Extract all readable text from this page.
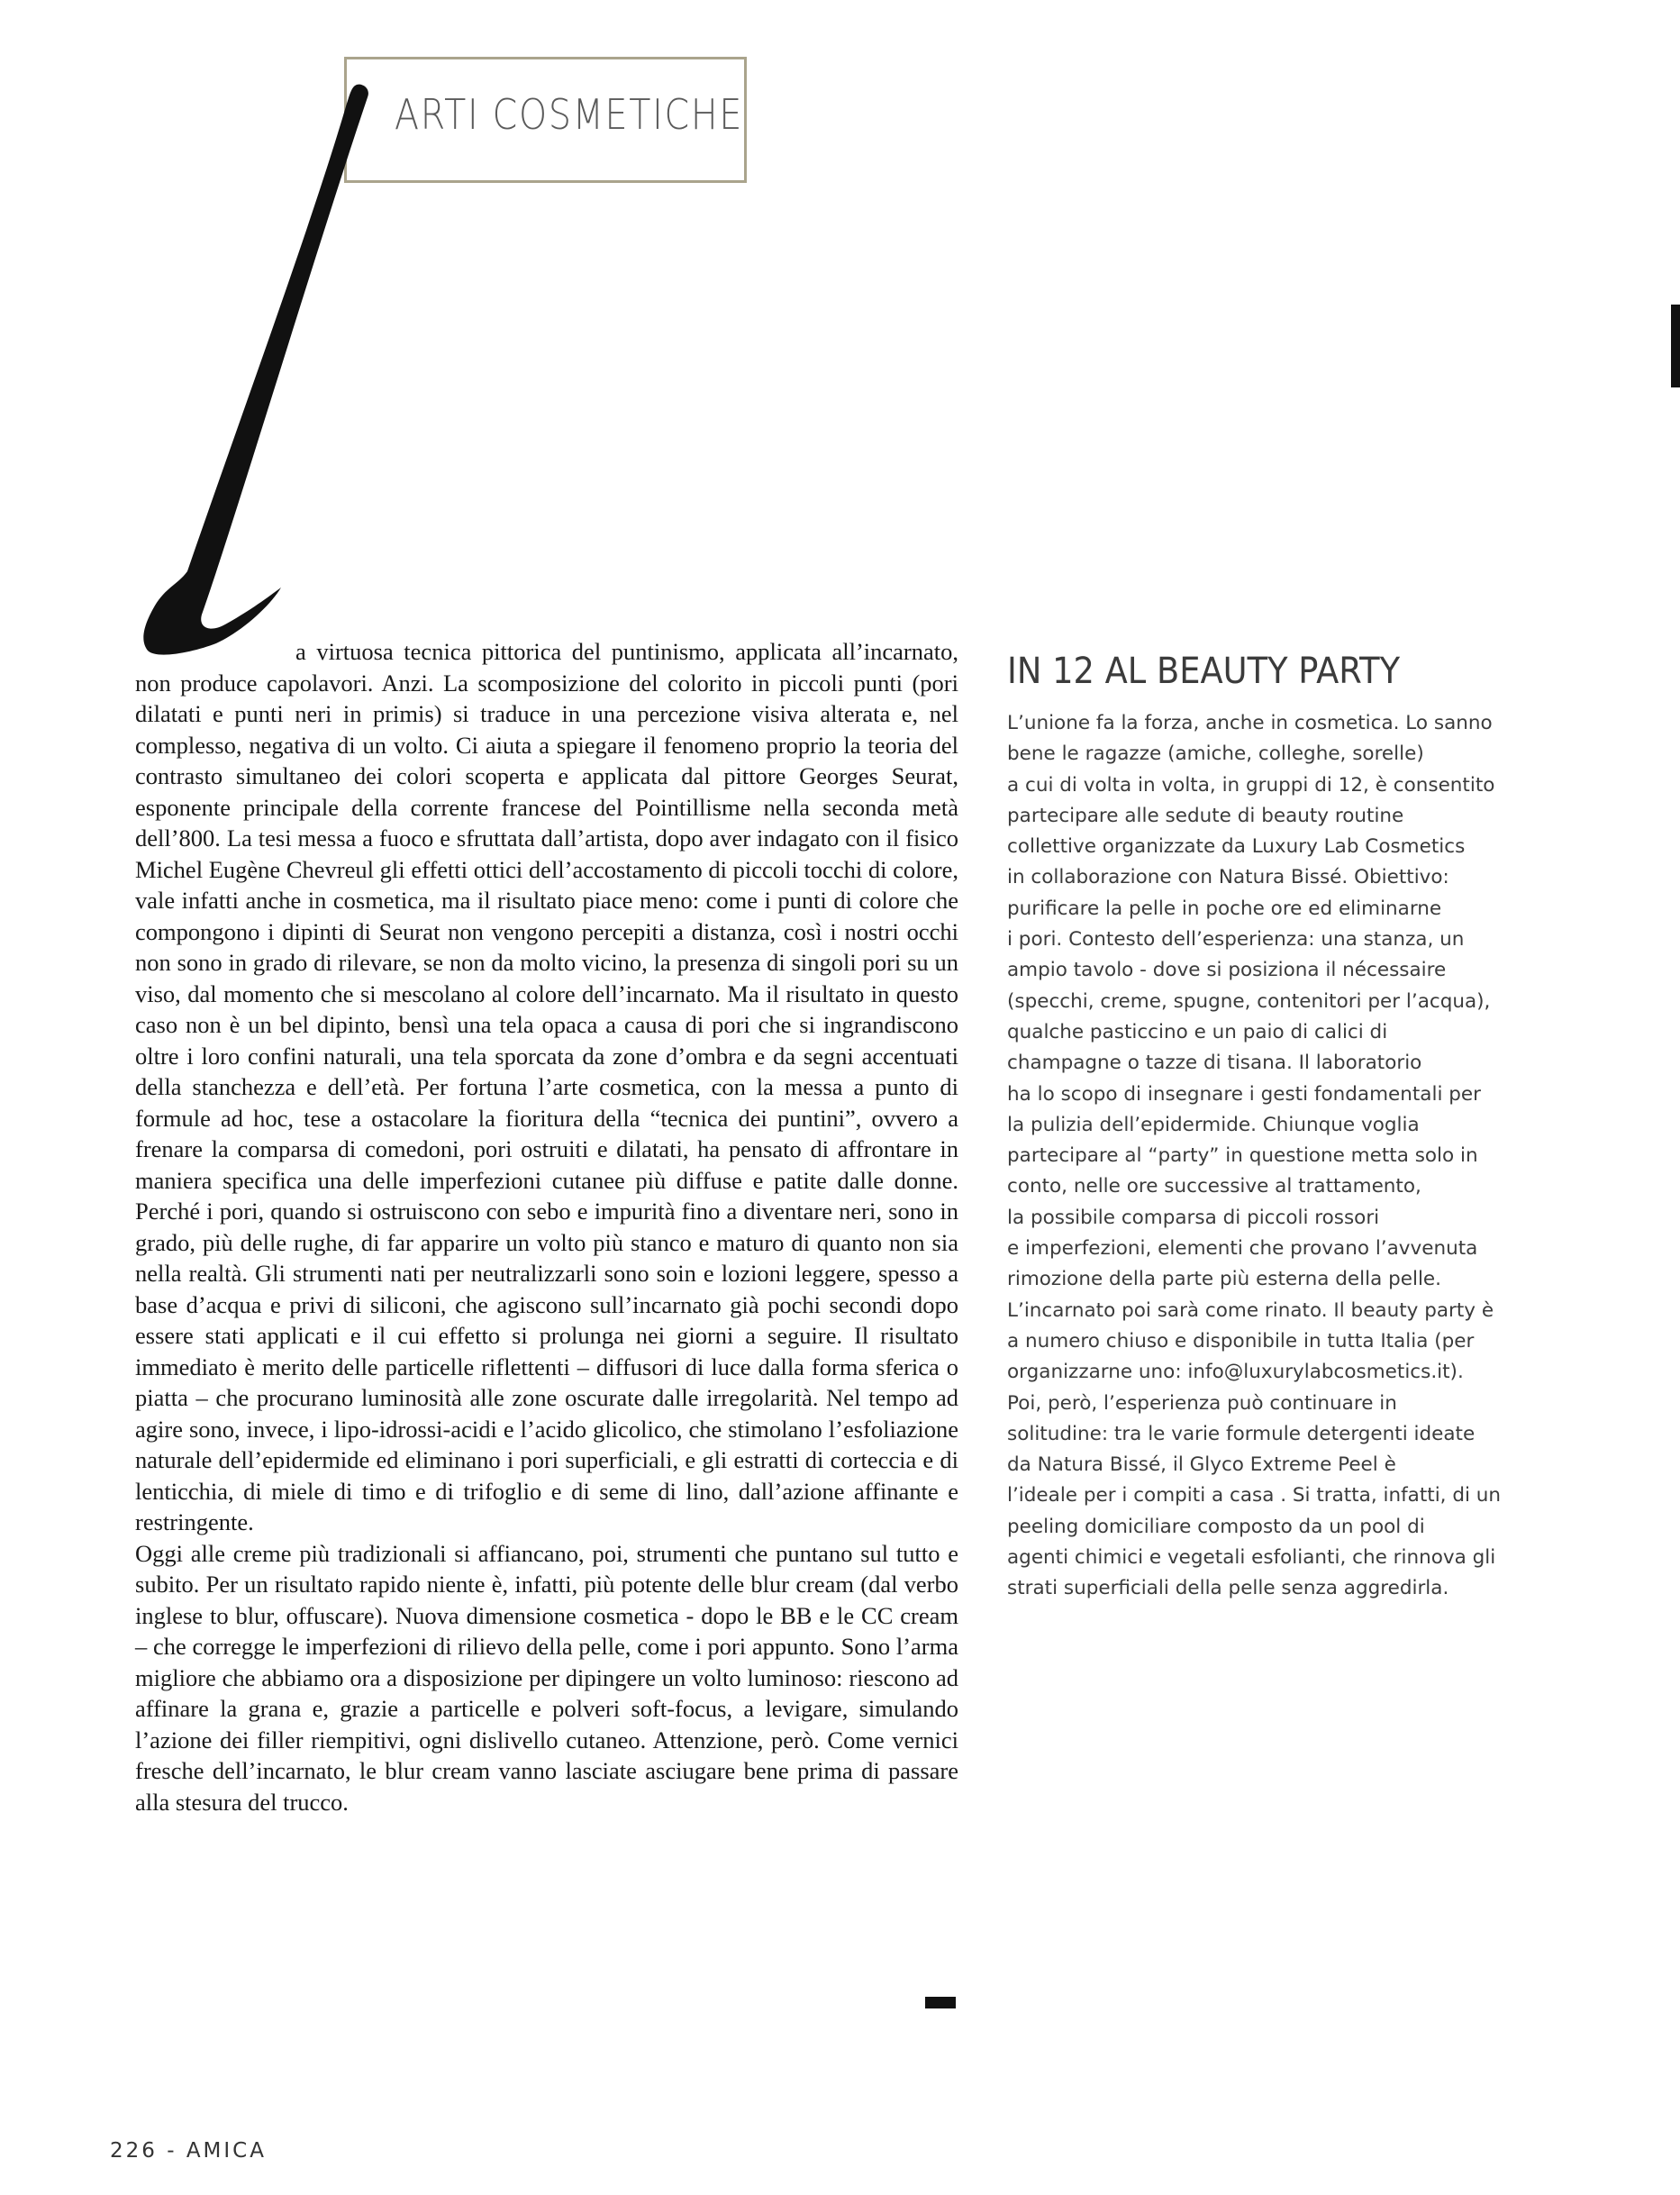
ARTI COSMETICHE

a virtuosa tecnica pittorica del puntinismo, applicata all’incarnato, non produce capolavori. Anzi. La scomposizione del colorito in piccoli punti (pori dilatati e punti neri in primis) si traduce in una percezione visiva alterata e, nel complesso, negativa di un volto. Ci aiuta a spiegare il fenomeno proprio la teoria del contrasto simultaneo dei colori scoperta e applicata dal pittore Georges Seurat, esponente principale della corrente francese del Pointillisme nella seconda metà dell’800. La tesi messa a fuoco e sfruttata dall’artista, dopo aver indagato con il fisico Michel Eugène Chevreul gli effetti ottici dell’accostamento di piccoli tocchi di colore, vale infatti anche in cosmetica, ma il risultato piace meno: come i punti di colore che compongono i dipinti di Seurat non vengono percepiti a distanza, così i nostri occhi non sono in grado di rilevare, se non da molto vicino, la presenza di singoli pori su un viso, dal momento che si mescolano al colore dell’incarnato. Ma il risultato in questo caso non è un bel dipinto, bensì una tela opaca a causa di pori che si ingrandiscono oltre i loro confini naturali, una tela sporcata da zone d’ombra e da segni accentuati della stanchezza e dell’età. Per fortuna l’arte cosmetica, con la messa a punto di formule ad hoc, tese a ostacolare la fioritura della “tecnica dei puntini”, ovvero a frenare la comparsa di comedoni, pori ostruiti e dilatati, ha pensato di affrontare in maniera specifica una delle imperfezioni cutanee più diffuse e patite dalle donne. Perché i pori, quando si ostruiscono con sebo e impurità fino a diventare neri, sono in grado, più delle rughe, di far apparire un volto più stanco e maturo di quanto non sia nella realtà. Gli strumenti nati per neutralizzarli sono soin e lozioni leggere, spesso a base d’acqua e privi di siliconi, che agiscono sull’incarnato già pochi secondi dopo essere stati applicati e il cui effetto si prolunga nei giorni a seguire. Il risultato immediato è merito delle particelle riflettenti – diffusori di luce dalla forma sferica o piatta – che procurano luminosità alle zone oscurate dalle irregolarità. Nel tempo ad agire sono, invece, i lipo-idrossi-acidi e l’acido glicolico, che stimolano l’esfoliazione naturale dell’epidermide ed eliminano i pori superficiali, e gli estratti di corteccia e di lenticchia, di miele di timo e di trifoglio e di seme di lino, dall’azione affinante e restringente.

Oggi alle creme più tradizionali si affiancano, poi, strumenti che puntano sul tutto e subito. Per un risultato rapido niente è, infatti, più potente delle blur cream (dal verbo inglese to blur, offuscare). Nuova dimensione cosmetica - dopo le BB e le CC cream – che corregge le imperfezioni di rilievo della pelle, come i pori appunto. Sono l’arma migliore che abbiamo ora a disposizione per dipingere un volto luminoso: riescono ad affinare la grana e, grazie a particelle e polveri soft-focus, a levigare, simulando l’azione dei filler riempitivi, ogni dislivello cutaneo. Attenzione, però. Come vernici fresche dell’incarnato, le blur cream vanno lasciate asciugare bene prima di passare alla stesura del trucco.

IN 12 AL BEAUTY PARTY
L’unione fa la forza, anche in cosmetica. Lo sanno
bene le ragazze (amiche, colleghe, sorelle)
a cui di volta in volta, in gruppi di 12, è consentito
partecipare alle sedute di beauty routine
collettive organizzate da Luxury Lab Cosmetics
in collaborazione con Natura Bissé. Obiettivo:
purificare la pelle in poche ore ed eliminarne
i pori. Contesto dell’esperienza: una stanza, un
ampio tavolo - dove si posiziona il nécessaire
(specchi, creme, spugne, contenitori per l’acqua),
qualche pasticcino e un paio di calici di
champagne o tazze di tisana. Il laboratorio
ha lo scopo di insegnare i gesti fondamentali per
la pulizia dell’epidermide. Chiunque voglia
partecipare al “party” in questione metta solo in
conto, nelle ore successive al trattamento,
la possibile comparsa di piccoli rossori
e imperfezioni, elementi che provano l’avvenuta
rimozione della parte più esterna della pelle.
L’incarnato poi sarà come rinato. Il beauty party è
a numero chiuso e disponibile in tutta Italia (per
organizzarne uno: info@luxurylabcosmetics.it).
Poi, però, l’esperienza può continuare in
solitudine: tra le varie formule detergenti ideate
da Natura Bissé, il Glyco Extreme Peel è
l’ideale per i compiti a casa . Si tratta, infatti, di un
peeling domiciliare composto da un pool di
agenti chimici e vegetali esfolianti, che rinnova gli
strati superficiali della pelle senza aggredirla.
226 - AMICA
